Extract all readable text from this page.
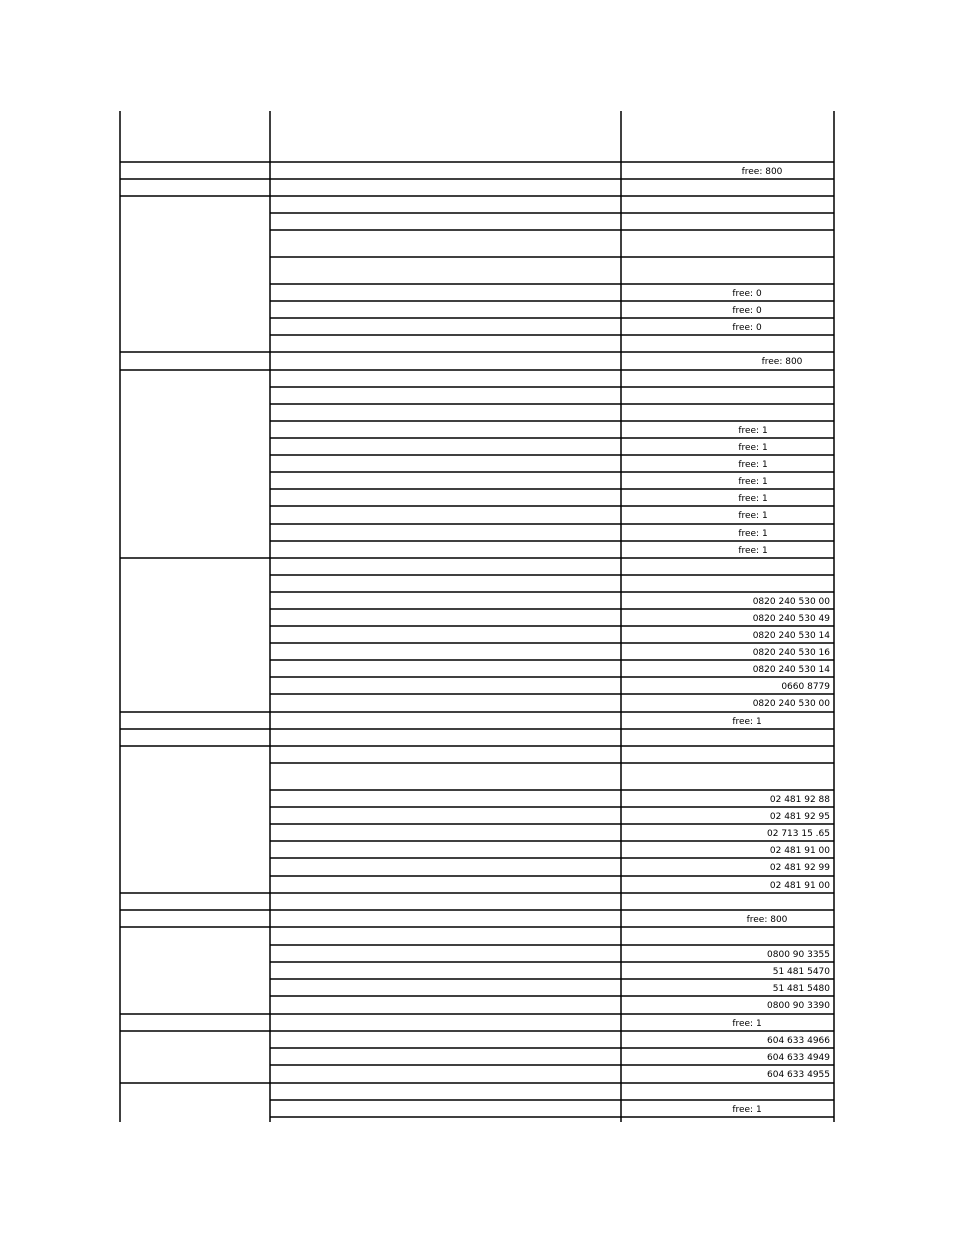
free: 800
free: 0
free: 0
free: 0
free: 800
free: 1
free: 1
free: 1
free: 1
free: 1
free: 1
free: 1
free: 1
0820 240 530 00
0820 240 530 49
0820 240 530 14
0820 240 530 16
0820 240 530 14
0660 8779
0820 240 530 00
free: 1
02 481 92 88
02 481 92 95
02 713 15 .65
02 481 91 00
02 481 92 99
02 481 91 00
free: 800
0800 90 3355
51 481 5470
51 481 5480
0800 90 3390
free: 1
604 633 4966
604 633 4949
604 633 4955
free: 1
